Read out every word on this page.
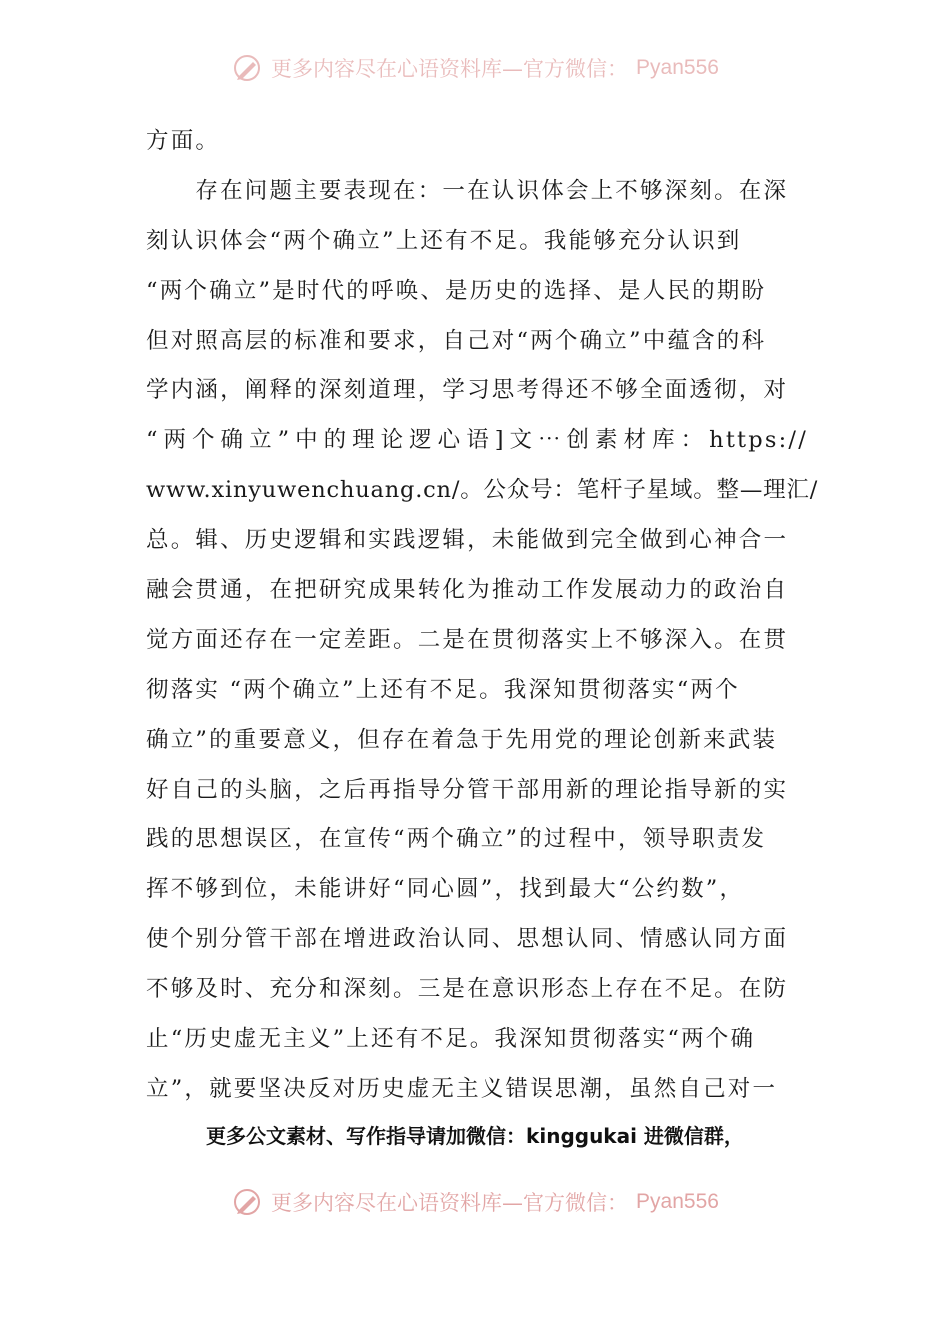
更多内容尽在心语资料库—官方微信： Pyan556
方面。
　　存在问题主要表现在：一在认识体会上不够深刻。在深
刻认识体会“两个确立”上还有不足。我能够充分认识到
“两个确立”是时代的呼唤、是历史的选择、是人民的期盼
但对照高层的标准和要求，自己对“两个确立”中蕴含的科
学内涵，阐释的深刻道理，学习思考得还不够全面透彻，对
“两个确立”中的理论逻心语]文⋯创素材库：https://
www.xinyuwenchuang.cn/。公众号：笔杆子星域。整—理汇/
总。辑、历史逻辑和实践逻辑，未能做到完全做到心神合一
融会贯通，在把研究成果转化为推动工作发展动力的政治自
觉方面还存在一定差距。二是在贯彻落实上不够深入。在贯
彻落实 “两个确立”上还有不足。我深知贯彻落实“两个
确立”的重要意义，但存在着急于先用党的理论创新来武装
好自己的头脑，之后再指导分管干部用新的理论指导新的实
践的思想误区，在宣传“两个确立”的过程中，领导职责发
挥不够到位，未能讲好“同心圆”，找到最大“公约数”，
使个别分管干部在增进政治认同、思想认同、情感认同方面
不够及时、充分和深刻。三是在意识形态上存在不足。在防
止“历史虚无主义”上还有不足。我深知贯彻落实“两个确
立”，就要坚决反对历史虚无主义错误思潮，虽然自己对一
更多公文素材、写作指导请加微信：kinggukai 进微信群，
更多内容尽在心语资料库—官方微信： Pyan556
